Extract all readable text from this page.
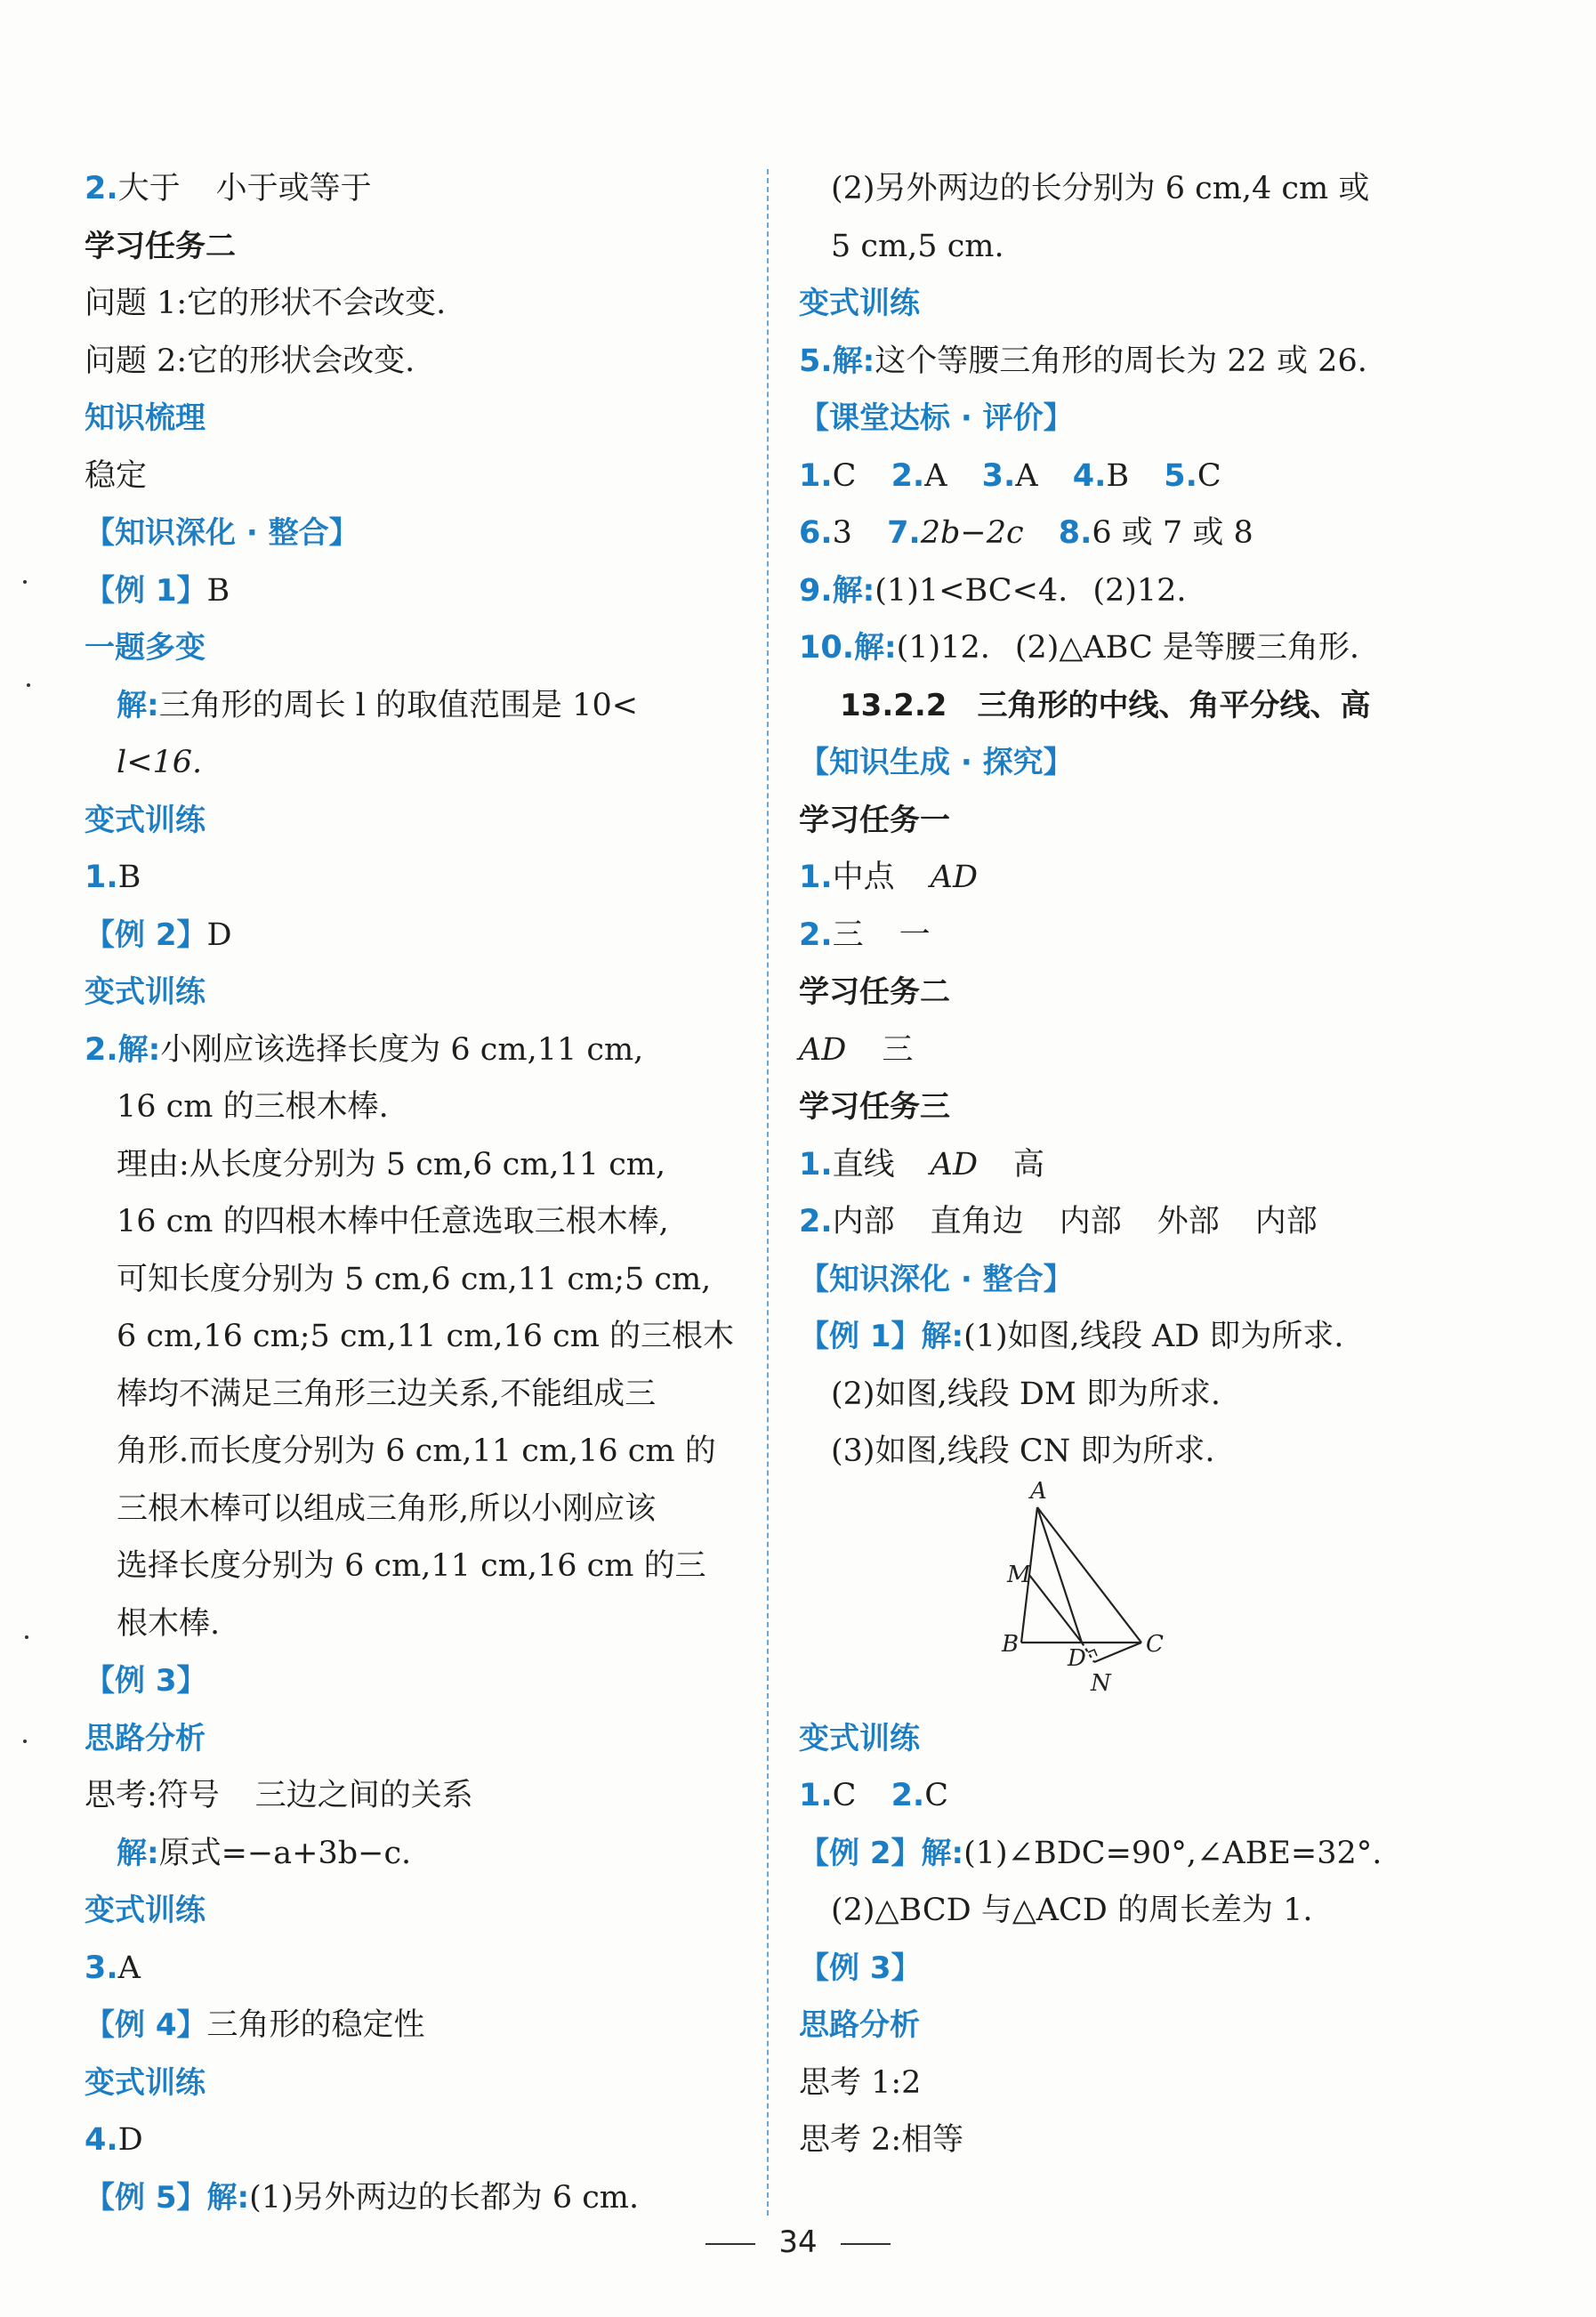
2.大于 小于或等于
学习任务二
问题 1:它的形状不会改变.
问题 2:它的形状会改变.
知识梳理
稳定
【知识深化 · 整合】
【例 1】B
一题多变
解:三角形的周长 l 的取值范围是 10<
l<16.
变式训练
1.B
【例 2】D
变式训练
2.解:小刚应该选择长度为 6 cm,11 cm,
16 cm 的三根木棒.
理由:从长度分别为 5 cm,6 cm,11 cm,
16 cm 的四根木棒中任意选取三根木棒,
可知长度分别为 5 cm,6 cm,11 cm;5 cm,
6 cm,16 cm;5 cm,11 cm,16 cm 的三根木
棒均不满足三角形三边关系,不能组成三
角形.而长度分别为 6 cm,11 cm,16 cm 的
三根木棒可以组成三角形,所以小刚应该
选择长度分别为 6 cm,11 cm,16 cm 的三
根木棒.
【例 3】
思路分析
思考:符号 三边之间的关系
解:原式=−a+3b−c.
变式训练
3.A
【例 4】三角形的稳定性
变式训练
4.D
【例 5】解:(1)另外两边的长都为 6 cm.
(2)另外两边的长分别为 6 cm,4 cm 或
5 cm,5 cm.
变式训练
5.解:这个等腰三角形的周长为 22 或 26.
【课堂达标 · 评价】
1.C 2.A 3.A 4.B 5.C
6.3 7.2b−2c 8.6 或 7 或 8
9.解:(1)1<BC<4. (2)12.
10.解:(1)12. (2)△ABC 是等腰三角形.
13.2.2　三角形的中线、角平分线、高
【知识生成 · 探究】
学习任务一
1.中点 AD
2.三 一
学习任务二
AD 三
学习任务三
1.直线 AD 高
2.内部 直角边 内部 外部 内部
【知识深化 · 整合】
【例 1】解:(1)如图,线段 AD 即为所求.
(2)如图,线段 DM 即为所求.
(3)如图,线段 CN 即为所求.
A
M
B
D
C
N
变式训练
1.C 2.C
【例 2】解:(1)∠BDC=90°,∠ABE=32°.
(2)△BCD 与△ACD 的周长差为 1.
【例 3】
思路分析
思考 1:2
思考 2:相等
34
